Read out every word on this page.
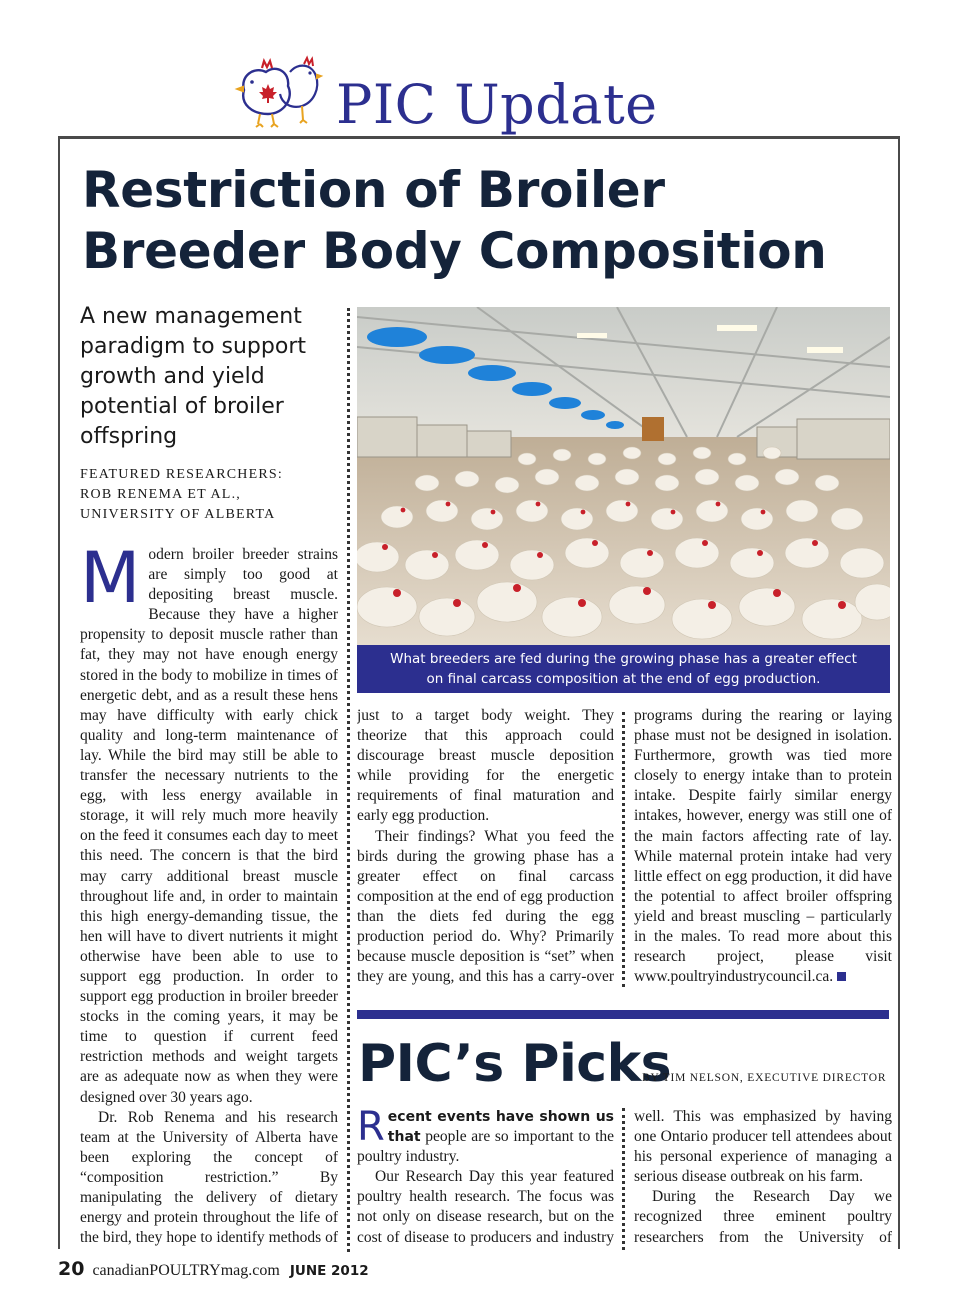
PIC Update
Restriction of Broiler Breeder Body Composition
A new management paradigm to support growth and yield potential of broiler offspring
FEATURED RESEARCHERS:
ROB RENEMA ET AL.,
UNIVERSITY OF ALBERTA

Modern broiler breeder strains are simply too good at depositing breast muscle. Because they have a higher propensity to deposit muscle rather than fat, they may not have enough energy stored in the body to mobilize in times of energetic debt, and as a result these hens may have difficulty with early chick quality and long-term maintenance of lay. While the bird may still be able to transfer the necessary nutrients to the egg, with less energy available in storage, it will rely much more heavily on the feed it consumes each day to meet this need. The concern is that the bird may carry additional breast muscle throughout life and, in order to maintain this high energy-demanding tissue, the hen will have to divert nutrients it might otherwise have been able to use to support egg production. In order to support egg production in broiler breeder stocks in the coming years, it may be time to question if current feed restriction methods and weight targets are as adequate now as when they were designed over 30 years ago.

Dr. Rob Renema and his research team at the University of Alberta have been exploring the concept of “composition restriction.” By manipulating the delivery of dietary energy and protein throughout the life of the bird, they hope to identify methods of

What breeders are fed during the growing phase has a greater effect on final carcass composition at the end of egg production.

just to a target body weight. They theorize that this approach could discourage breast muscle deposition while providing for the energetic requirements of final maturation and early egg production.

Their findings? What you feed the birds during the growing phase has a greater effect on final carcass composition at the end of egg production than the diets fed during the egg production period do. Why? Primarily because muscle deposition is “set” when they are young, and this has a carry-over

programs during the rearing or laying phase must not be designed in isolation. Furthermore, growth was tied more closely to energy intake than to protein intake. Despite fairly similar energy intakes, however, energy was still one of the main factors affecting rate of lay. While maternal protein intake had very little effect on egg production, it did have the potential to affect broiler offspring yield and breast muscling – particularly in the males. To read more about this research project, please visit www.poultryindustrycouncil.ca.

PIC’s Picks
BY TIM NELSON, EXECUTIVE DIRECTOR

Recent events have shown us that people are so important to the poultry industry.

Our Research Day this year featured poultry health research. The focus was not only on disease research, but on the cost of disease to producers and industry

well. This was emphasized by having one Ontario producer tell attendees about his personal experience of managing a serious disease outbreak on his farm.

During the Research Day we recognized three eminent poultry researchers from the University of

20 canadianPOULTRYmag.com JUNE 2012
